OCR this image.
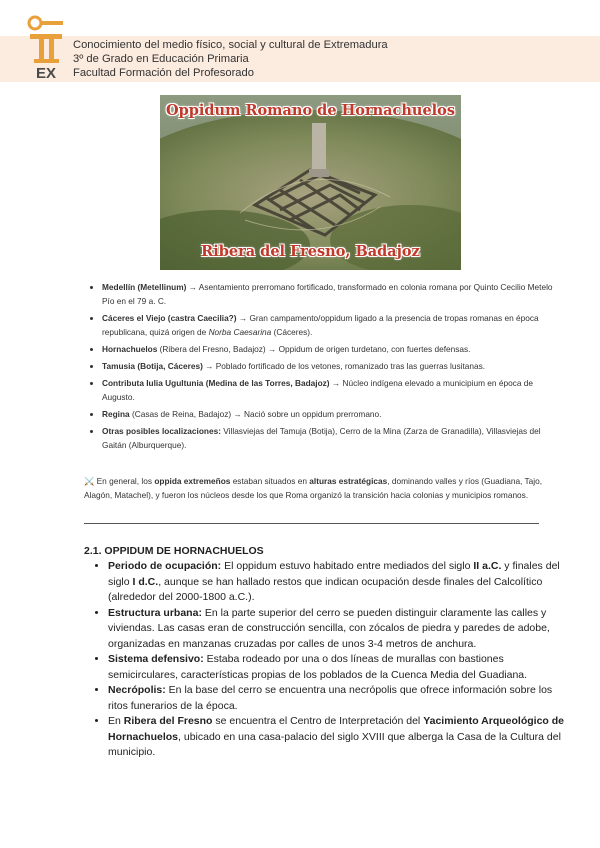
EX
Conocimiento del medio físico, social y cultural de Extremadura
3º de Grado en Educación Primaria
Facultad Formación del Profesorado
Oppidum Romano de Hornachuelos
Ribera del Fresno, Badajoz
• Medellín (Metellinum) → Asentamiento prerromano fortificado, transformado en colonia romana por Quinto Cecilio Metelo Pío en el 79 a. C.
• Cáceres el Viejo (castra Caecilia?) → Gran campamento/oppidum ligado a la presencia de tropas romanas en época republicana, quizá origen de Norba Caesarina (Cáceres).
• Hornachuelos (Ribera del Fresno, Badajoz) → Oppidum de origen turdetano, con fuertes defensas.
• Tamusia (Botija, Cáceres) → Poblado fortificado de los vetones, romanizado tras las guerras lusitanas.
• Contributa Iulia Ugultunia (Medina de las Torres, Badajoz) → Núcleo indígena elevado a municipium en época de Augusto.
• Regina (Casas de Reina, Badajoz) → Nació sobre un oppidum prerromano.
• Otras posibles localizaciones: Villasviejas del Tamuja (Botija), Cerro de la Mina (Zarza de Granadilla), Villasviejas del Gaitán (Alburquerque).
⚔️ En general, los oppida extremeños estaban situados en alturas estratégicas, dominando valles y ríos (Guadiana, Tajo, Alagón, Matachel), y fueron los núcleos desde los que Roma organizó la transición hacia colonias y municipios romanos.
2.1. OPPIDUM DE HORNACHUELOS
• Periodo de ocupación: El oppidum estuvo habitado entre mediados del siglo II a.C. y finales del siglo I d.C., aunque se han hallado restos que indican ocupación desde finales del Calcolítico (alrededor del 2000-1800 a.C.).
• Estructura urbana: En la parte superior del cerro se pueden distinguir claramente las calles y viviendas. Las casas eran de construcción sencilla, con zócalos de piedra y paredes de adobe, organizadas en manzanas cruzadas por calles de unos 3-4 metros de anchura.
• Sistema defensivo: Estaba rodeado por una o dos líneas de murallas con bastiones semicirculares, características propias de los poblados de la Cuenca Media del Guadiana.
• Necrópolis: En la base del cerro se encuentra una necrópolis que ofrece información sobre los ritos funerarios de la época.
• En Ribera del Fresno se encuentra el Centro de Interpretación del Yacimiento Arqueológico de Hornachuelos, ubicado en una casa-palacio del siglo XVIII que alberga la Casa de la Cultura del municipio.
